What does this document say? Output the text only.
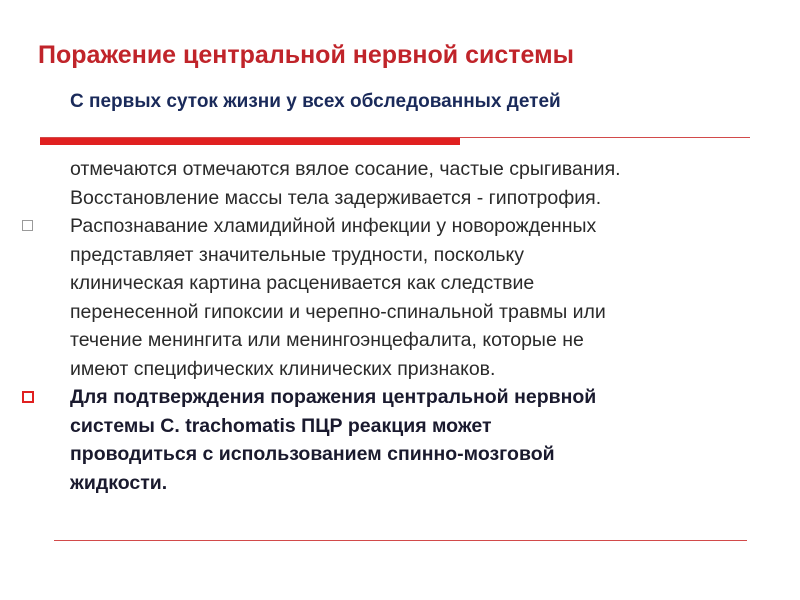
Поражение центральной нервной системы
С первых суток жизни у всех обследованных детей

отмечаются отмечаются вялое сосание, частые срыгивания.
Восстановление массы тела задерживается - гипотрофия.

Распознавание хламидийной инфекции у новорожденных
представляет значительные трудности, поскольку
клиническая картина расценивается как следствие
перенесенной гипоксии и черепно-спинальной травмы или
течение менингита или менингоэнцефалита, которые не
имеют специфических клинических признаков.

Для подтверждения поражения центральной нервной
системы C. trachomatis ПЦР реакция может
проводиться с использованием спинно-мозговой
жидкости.
